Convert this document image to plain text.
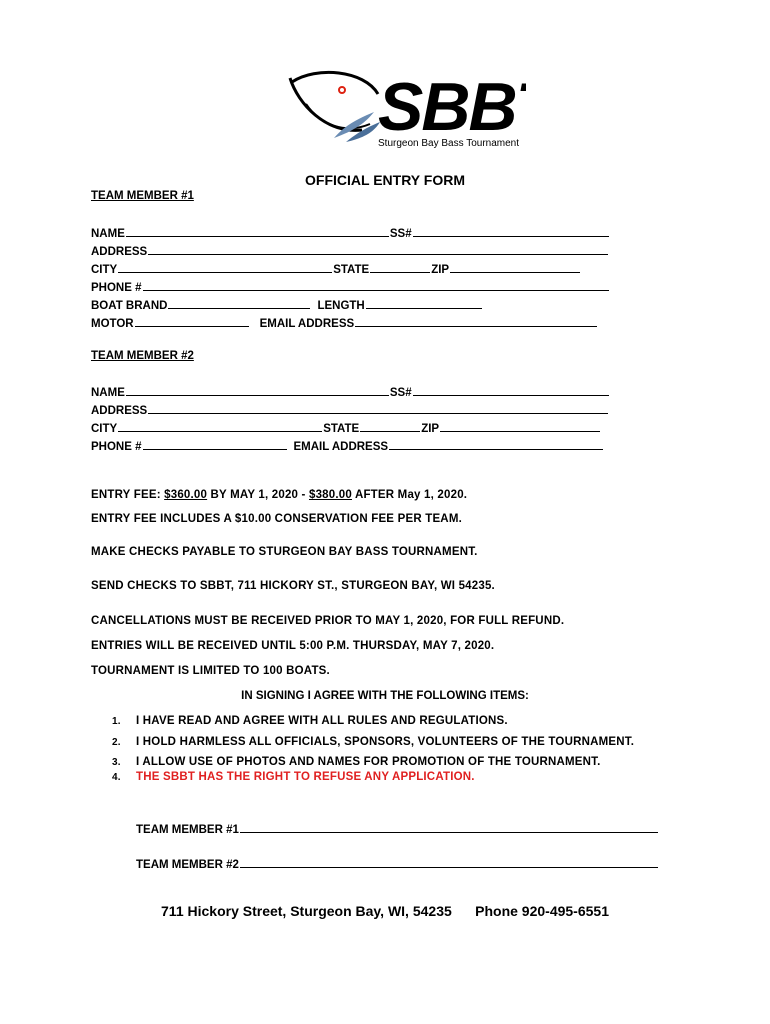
SBB
Sturgeon Bay Bass Tournament
OFFICIAL ENTRY FORM
TEAM MEMBER #1
NAME	SS#
ADDRESS
CITY	STATE	ZIP
PHONE #
BOAT BRAND	LENGTH
MOTOR	EMAIL ADDRESS
TEAM MEMBER #2
NAME	SS#
ADDRESS
CITY	STATE	ZIP
PHONE #	EMAIL ADDRESS
ENTRY FEE: $360.00 BY MAY 1, 2020 - $380.00 AFTER May 1, 2020.
ENTRY FEE INCLUDES A $10.00 CONSERVATION FEE PER TEAM.
MAKE CHECKS PAYABLE TO STURGEON BAY BASS TOURNAMENT.
SEND CHECKS TO SBBT, 711 HICKORY ST., STURGEON BAY, WI 54235.
CANCELLATIONS MUST BE RECEIVED PRIOR TO MAY 1, 2020, FOR FULL REFUND.
ENTRIES WILL BE RECEIVED UNTIL 5:00 P.M. THURSDAY, MAY 7, 2020.
TOURNAMENT IS LIMITED TO 100 BOATS.
IN SIGNING I AGREE WITH THE FOLLOWING ITEMS:
1. I HAVE READ AND AGREE WITH ALL RULES AND REGULATIONS.
2. I HOLD HARMLESS ALL OFFICIALS, SPONSORS, VOLUNTEERS OF THE TOURNAMENT.
3. I ALLOW USE OF PHOTOS AND NAMES FOR PROMOTION OF THE TOURNAMENT.
4. THE SBBT HAS THE RIGHT TO REFUSE ANY APPLICATION.
TEAM MEMBER #1
TEAM MEMBER #2
711 Hickory Street, Sturgeon Bay, WI, 54235 Phone 920-495-6551
